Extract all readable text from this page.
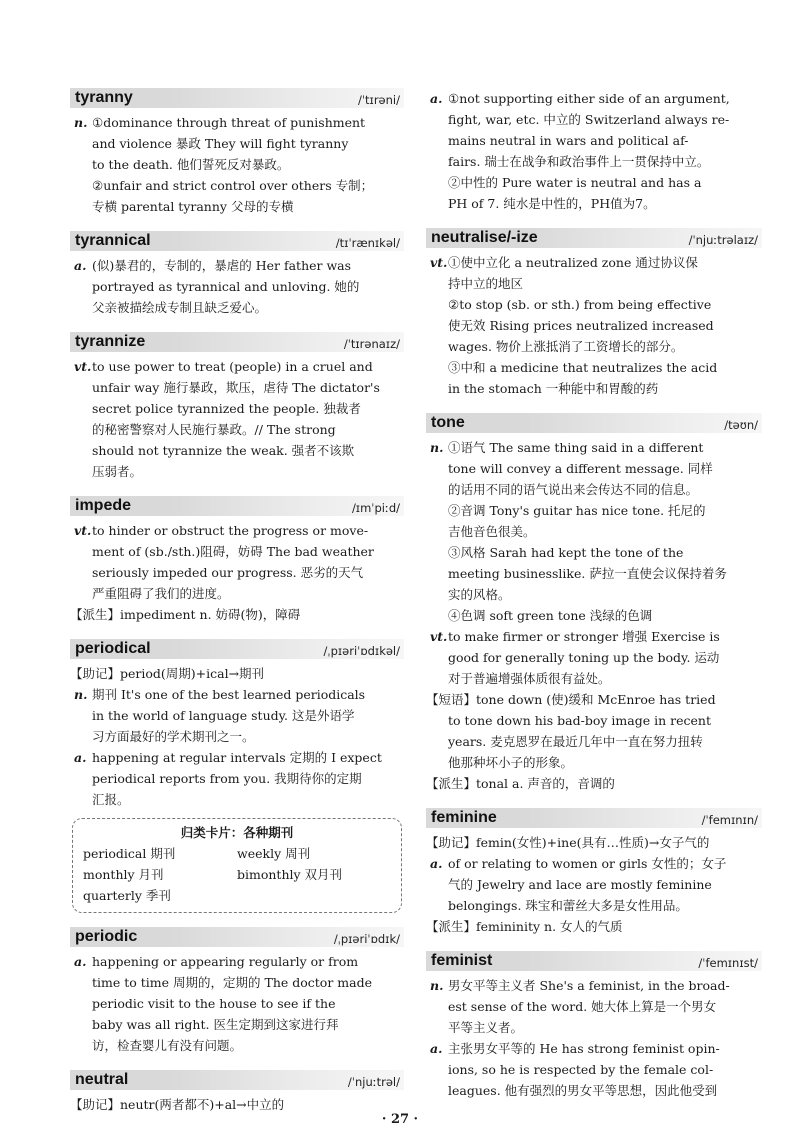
tyranny	/ˈtɪrəni/
n. ①dominance through threat of punishment
and violence 暴政 They will fight tyranny
to the death. 他们誓死反对暴政。
②unfair and strict control over others 专制；
专横 parental tyranny 父母的专横
tyrannical	/tɪˈrænɪkəl/
a. (似)暴君的，专制的，暴虐的 Her father was
portrayed as tyrannical and unloving. 她的
父亲被描绘成专制且缺乏爱心。
tyrannize	/ˈtɪrənaɪz/
vt. to use power to treat (people) in a cruel and
unfair way 施行暴政，欺压，虐待 The dictator's
secret police tyrannized the people. 独裁者
的秘密警察对人民施行暴政。// The strong
should not tyrannize the weak. 强者不该欺
压弱者。
impede	/ɪmˈpiːd/
vt. to hinder or obstruct the progress or move-
ment of (sb./sth.)阻碍，妨碍 The bad weather
seriously impeded our progress. 恶劣的天气
严重阻碍了我们的进度。
【派生】impediment n. 妨碍(物)，障碍
periodical	/ˌpɪəriˈɒdɪkəl/
【助记】period(周期)+ical→期刊
n. 期刊 It's one of the best learned periodicals
in the world of language study. 这是外语学
习方面最好的学术期刊之一。
a. happening at regular intervals 定期的 I expect
periodical reports from you. 我期待你的定期
汇报。
归类卡片：各种期刊
periodical 期刊	weekly 周刊
monthly 月刊	bimonthly 双月刊
quarterly 季刊
periodic	/ˌpɪəriˈɒdɪk/
a. happening or appearing regularly or from
time to time 周期的，定期的 The doctor made
periodic visit to the house to see if the
baby was all right. 医生定期到这家进行拜
访，检查婴儿有没有问题。
neutral	/ˈnjuːtrəl/
【助记】neutr(两者都不)+al→中立的
a. ①not supporting either side of an argument,
fight, war, etc. 中立的 Switzerland always re-
mains neutral in wars and political af-
fairs. 瑞士在战争和政治事件上一贯保持中立。
②中性的 Pure water is neutral and has a
PH of 7. 纯水是中性的，PH值为7。
neutralise/-ize	/ˈnjuːtrəlaɪz/
vt. ①使中立化 a neutralized zone 通过协议保
持中立的地区
②to stop (sb. or sth.) from being effective
使无效 Rising prices neutralized increased
wages. 物价上涨抵消了工资增长的部分。
③中和 a medicine that neutralizes the acid
in the stomach 一种能中和胃酸的药
tone	/təʊn/
n. ①语气 The same thing said in a different
tone will convey a different message. 同样
的话用不同的语气说出来会传达不同的信息。
②音调 Tony's guitar has nice tone. 托尼的
吉他音色很美。
③风格 Sarah had kept the tone of the
meeting businesslike. 萨拉一直使会议保持着务
实的风格。
④色调 soft green tone 浅绿的色调
vt. to make firmer or stronger 增强 Exercise is
good for generally toning up the body. 运动
对于普遍增强体质很有益处。
【短语】tone down (使)缓和 McEnroe has tried
to tone down his bad-boy image in recent
years. 麦克恩罗在最近几年中一直在努力扭转
他那种坏小子的形象。
【派生】tonal a. 声音的，音调的
feminine	/ˈfemɪnɪn/
【助记】femin(女性)+ine(具有…性质)→女子气的
a. of or relating to women or girls 女性的；女子
气的 Jewelry and lace are mostly feminine
belongings. 珠宝和蕾丝大多是女性用品。
【派生】femininity n. 女人的气质
feminist	/ˈfemɪnɪst/
n. 男女平等主义者 She's a feminist, in the broad-
est sense of the word. 她大体上算是一个男女
平等主义者。
a. 主张男女平等的 He has strong feminist opin-
ions, so he is respected by the female col-
leagues. 他有强烈的男女平等思想，因此他受到
· 27 ·
